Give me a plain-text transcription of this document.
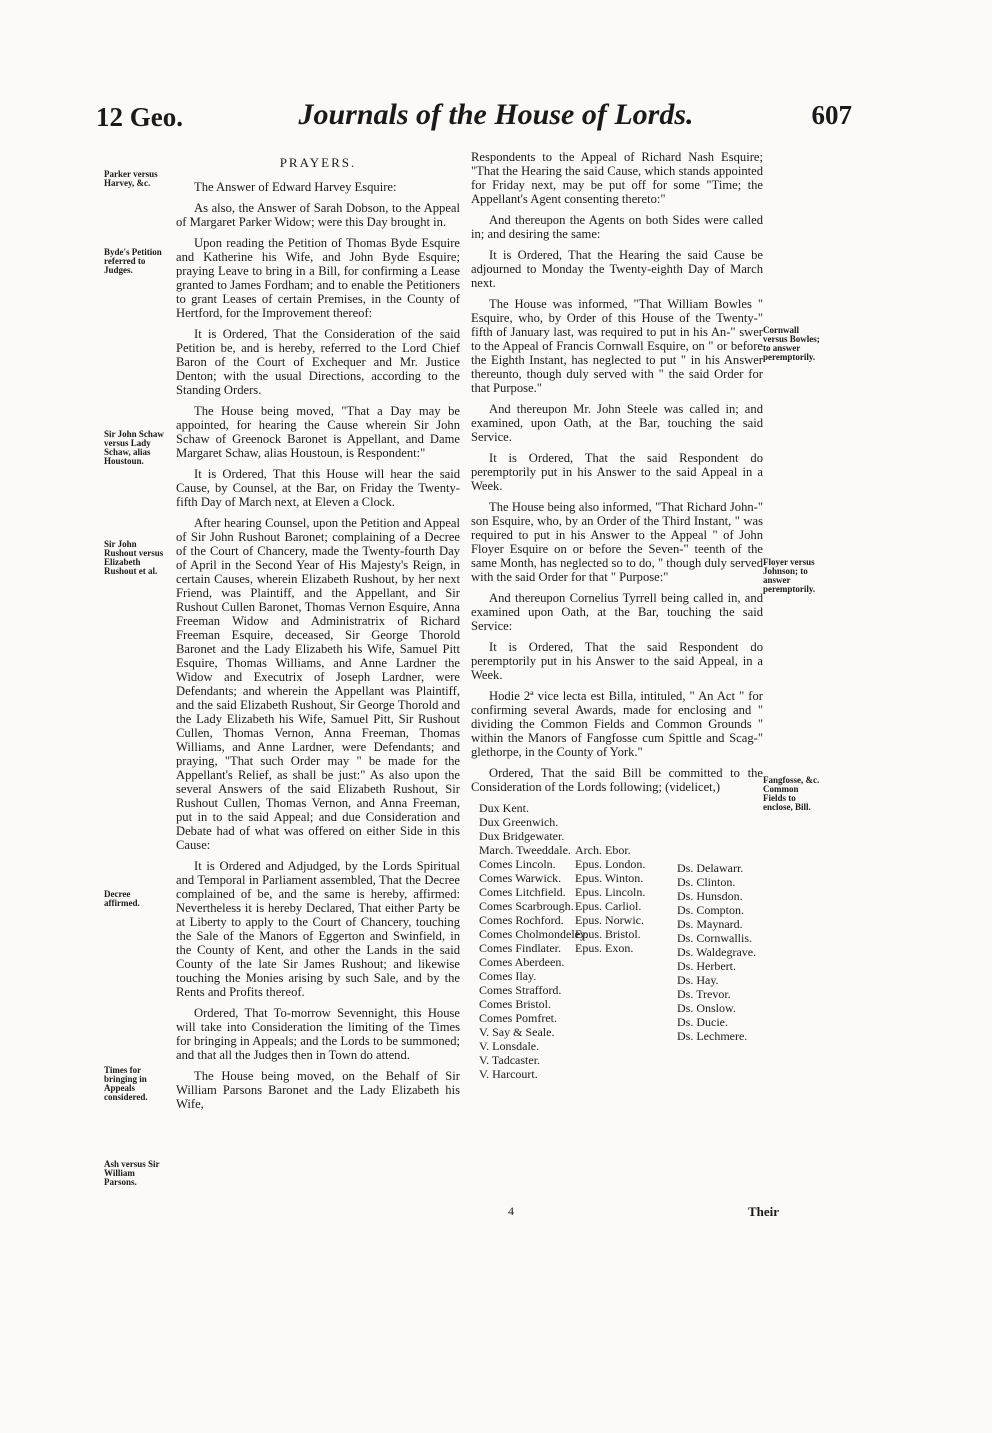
12 Geo.	Journals of the House of Lords.	607
PRAYERS.

The Answer of Edward Harvey Esquire:

As also, the Answer of Sarah Dobson, to the Appeal of Margaret Parker Widow; were this Day brought in.

Upon reading the Petition of Thomas Byde Esquire and Katherine his Wife, and John Byde Esquire; praying Leave to bring in a Bill, for confirming a Lease granted to James Fordham; and to enable the Petitioners to grant Leases of certain Premises, in the County of Hertford, for the Improvement thereof:

It is Ordered, That the Consideration of the said Petition be, and is hereby, referred to the Lord Chief Baron of the Court of Exchequer and Mr. Justice Denton; with the usual Directions, according to the Standing Orders.

The House being moved, "That a Day may be appointed, for hearing the Cause wherein Sir John Schaw of Greenock Baronet is Appellant, and Dame Margaret Schaw, alias Houstoun, is Respondent:"

It is Ordered, That this House will hear the said Cause, by Counsel, at the Bar, on Friday the Twenty-fifth Day of March next, at Eleven a Clock.

After hearing Counsel, upon the Petition and Appeal of Sir John Rushout Baronet; complaining of a Decree of the Court of Chancery, made the Twenty-fourth Day of April in the Second Year of His Majesty's Reign, in certain Causes, wherein Elizabeth Rushout, by her next Friend, was Plaintiff, and the Appellant, and Sir Rushout Cullen Baronet, Thomas Vernon Esquire, Anna Freeman Widow and Administratrix of Richard Freeman Esquire, deceased, Sir George Thorold Baronet and the Lady Elizabeth his Wife, Samuel Pitt Esquire, Thomas Williams, and Anne Lardner the Widow and Executrix of Joseph Lardner, were Defendants; and wherein the Appellant was Plaintiff, and the said Elizabeth Rushout, Sir George Thorold and the Lady Elizabeth his Wife, Samuel Pitt, Sir Rushout Cullen, Thomas Vernon, Anna Freeman, Thomas Williams, and Anne Lardner, were Defendants; and praying, "That such Order may " be made for the Appellant's Relief, as shall be just:" As also upon the several Answers of the said Elizabeth Rushout, Sir Rushout Cullen, Thomas Vernon, and Anna Freeman, put in to the said Appeal; and due Consideration and Debate had of what was offered on either Side in this Cause:

It is Ordered and Adjudged, by the Lords Spiritual and Temporal in Parliament assembled, That the Decree complained of be, and the same is hereby, affirmed: Nevertheless it is hereby Declared, That either Party be at Liberty to apply to the Court of Chancery, touching the Sale of the Manors of Eggerton and Swinfield, in the County of Kent, and other the Lands in the said County of the late Sir James Rushout; and likewise touching the Monies arising by such Sale, and by the Rents and Profits thereof.

Ordered, That To-morrow Sevennight, this House will take into Consideration the limiting of the Times for bringing in Appeals; and the Lords to be summoned; and that all the Judges then in Town do attend.

The House being moved, on the Behalf of Sir William Parsons Baronet and the Lady Elizabeth his Wife,

Respondents to the Appeal of Richard Nash Esquire; "That the Hearing the said Cause, which stands appointed for Friday next, may be put off for some "Time; the Appellant's Agent consenting thereto:"

And thereupon the Agents on both Sides were called in; and desiring the same:

It is Ordered, That the Hearing the said Cause be adjourned to Monday the Twenty-eighth Day of March next.

The House was informed, "That William Bowles " Esquire, who, by Order of this House of the Twenty-" fifth of January last, was required to put in his An-" swer to the Appeal of Francis Cornwall Esquire, on " or before the Eighth Instant, has neglected to put " in his Answer thereunto, though duly served with " the said Order for that Purpose."

And thereupon Mr. John Steele was called in; and examined, upon Oath, at the Bar, touching the said Service.

It is Ordered, That the said Respondent do peremptorily put in his Answer to the said Appeal in a Week.

The House being also informed, "That Richard John-" son Esquire, who, by an Order of the Third Instant, " was required to put in his Answer to the Appeal " of John Floyer Esquire on or before the Seven-" teenth of the same Month, has neglected so to do, " though duly served with the said Order for that " Purpose:"

And thereupon Cornelius Tyrrell being called in, and examined upon Oath, at the Bar, touching the said Service:

It is Ordered, That the said Respondent do peremptorily put in his Answer to the said Appeal, in a Week.

Hodie 2ª vice lecta est Billa, intituled, " An Act " for confirming several Awards, made for enclosing and " dividing the Common Fields and Common Grounds " within the Manors of Fangfosse cum Spittle and Scag-" glethorpe, in the County of York."

Ordered, That the said Bill be committed to the Consideration of the Lords following; (videlicet,)

Dux Kent.
Dux Greenwich.
Dux Bridgewater.
March. Tweeddale.
Comes Lincoln.
Comes Warwick.
Comes Litchfield.
Comes Scarbrough.
Comes Rochford.
Comes Cholmondeley.
Comes Findlater.
Comes Aberdeen.
Comes Ilay.
Comes Strafford.
Comes Bristol.
Comes Pomfret.
V. Say & Seale.
V. Lonsdale.
V. Tadcaster.
V. Harcourt.
Arch. Ebor.
Epus. London.
Epus. Winton.
Epus. Lincoln.
Epus. Carliol.
Epus. Norwic.
Epus. Bristol.
Epus. Exon.
Ds. Delawarr.
Ds. Clinton.
Ds. Hunsdon.
Ds. Compton.
Ds. Maynard.
Ds. Cornwallis.
Ds. Waldegrave.
Ds. Herbert.
Ds. Hay.
Ds. Trevor.
Ds. Onslow.
Ds. Ducie.
Ds. Lechmere.
Parker versus Harvey, &c.
Byde's Petition referred to Judges.
Sir John Schaw versus Lady Schaw, alias Houstoun.
Sir John Rushout versus Elizabeth Rushout et al.
Decree affirmed.
Times for bringing in Appeals considered.
Ash versus Sir William Parsons.
Cornwall versus Bowles; to answer peremptorily.
Floyer versus Johnson; to answer peremptorily.
Fangfosse, &c. Common Fields to enclose, Bill.
4	Their
